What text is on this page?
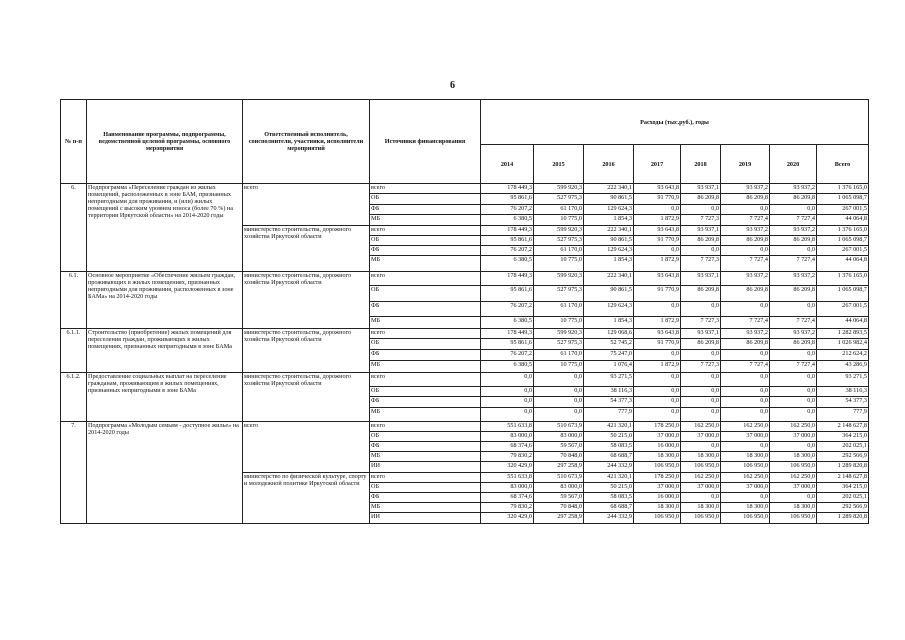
6
№ п-п	Наименование программы, подпрограммы, ведомственной целевой программы, основного мероприятия	Ответственный исполнитель, соисполнители, участники, исполнители мероприятий	Источники финансирования	Расходы (тыс.руб.), годы							
				2014	2015	2016	2017	2018	2019	2020	Всего
6.	Подпрограмма «Переселение граждан из жилых помещений, расположенных в зоне БАМ, признанных непригодными для проживания, и (или) жилых помещений с высоким уровнем износа (более 70 %) на территории Иркутской области» на 2014-2020 годы	всего	всего	178 449,3	599 920,3	222 340,1	93 643,8	93 937,1	93 937,2	93 937,2	1 376 165,0
			ОБ	95 861,6	527 975,3	90 861,5	91 770,9	86 209,8	86 209,8	86 209,8	1 065 098,7
			ФБ	76 207,2	61 170,0	129 624,3	0,0	0,0	0,0	0,0	267 001,5
			МБ	6 380,5	10 775,0	1 854,3	1 872,9	7 727,3	7 727,4	7 727,4	44 064,8
		министерство строительства, дорожного хозяйства Иркутской области	всего	178 449,3	599 920,3	222 340,1	93 643,8	93 937,1	93 937,2	93 937,2	1 376 165,0
			ОБ	95 861,6	527 975,3	90 861,5	91 770,9	86 209,8	86 209,8	86 209,8	1 065 098,7
			ФБ	76 207,2	61 170,0	129 624,3	0,0	0,0	0,0	0,0	267 001,5
			МБ	6 380,5	10 775,0	1 854,3	1 872,9	7 727,3	7 727,4	7 727,4	44 064,8
6.1.	Основное мероприятие «Обеспечение жильем граждан, проживающих в жилых помещениях, признанных непригодными для проживания, расположенных в зоне БАМа» на 2014-2020 годы	министерство строительства, дорожного хозяйства Иркутской области	всего	178 449,3	599 920,3	222 340,1	93 643,8	93 937,1	93 937,2	93 937,2	1 376 165,0
			ОБ	95 861,6	527 975,3	90 861,5	91 770,9	86 209,8	86 209,8	86 209,8	1 065 098,7
			ФБ	76 207,2	61 170,0	129 624,3	0,0	0,0	0,0	0,0	267 001,5
			МБ	6 380,5	10 775,0	1 854,3	1 872,9	7 727,3	7 727,4	7 727,4	44 064,8
6.1.1.	Строительство (приобретение) жилых помещений для переселения граждан, проживающих в жилых помещениях, признанных непригодными в зоне БАМа	министерство строительства, дорожного хозяйства Иркутской области	всего	178 449,3	599 920,3	129 068,6	93 643,8	93 937,1	93 937,2	93 937,2	1 282 893,5
			ОБ	95 861,6	527 975,3	52 745,2	91 770,9	86 209,8	86 209,8	86 209,8	1 026 982,4
			ФБ	76 207,2	61 170,0	75 247,0	0,0	0,0	0,0	0,0	212 624,2
			МБ	6 380,5	10 775,0	1 076,4	1 872,9	7 727,3	7 727,4	7 727,4	43 286,9
6.1.2.	Предоставление социальных выплат на переселение гражданам, проживающим в жилых помещениях, признанных непригодными в зоне БАМа	министерство строительства, дорожного хозяйства Иркутской области	всего	0,0	0,0	93 271,5	0,0	0,0	0,0	0,0	93 271,5
			ОБ	0,0	0,0	38 116,3	0,0	0,0	0,0	0,0	38 116,3
			ФБ	0,0	0,0	54 377,3	0,0	0,0	0,0	0,0	54 377,3
			МБ	0,0	0,0	777,9	0,0	0,0	0,0	0,0	777,9
7.	Подпрограмма «Молодым семьям - доступное жилье» на 2014-2020 годы	всего	всего	551 633,8	510 673,9	421 320,1	178 250,0	162 250,0	162 250,0	162 250,0	2 148 627,8
			ОБ	83 000,0	83 000,0	50 215,0	37 000,0	37 000,0	37 000,0	37 000,0	364 215,0
			ФБ	68 374,6	59 567,0	58 083,5	16 000,0	0,0	0,0	0,0	202 025,1
			МБ	79 830,2	70 848,0	68 688,7	18 300,0	18 300,0	18 300,0	18 300,0	292 566,9
			ИИ	320 429,0	297 258,9	244 332,9	106 950,0	106 950,0	106 950,0	106 950,0	1 289 820,8
		министерство по физической культуре, спорту и молодежной политике Иркутской области	всего	551 633,8	510 673,9	421 320,1	178 250,0	162 250,0	162 250,0	162 250,0	2 148 627,8
			ОБ	83 000,0	83 000,0	50 215,0	37 000,0	37 000,0	37 000,0	37 000,0	364 215,0
			ФБ	68 374,6	59 567,0	58 083,5	16 000,0	0,0	0,0	0,0	202 025,1
			МБ	79 830,2	70 848,0	68 688,7	18 300,0	18 300,0	18 300,0	18 300,0	292 566,9
			ИИ	320 429,0	297 258,9	244 332,9	106 950,0	106 950,0	106 950,0	106 950,0	1 289 820,8
